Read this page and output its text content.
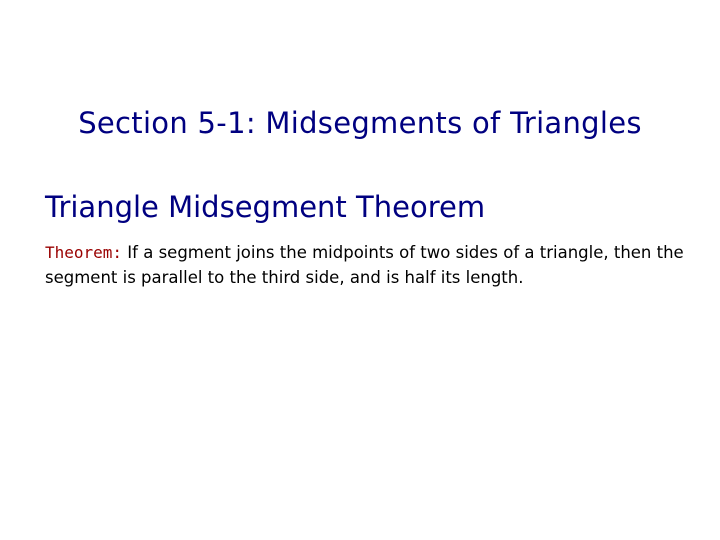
Section 5-1: Midsegments of Triangles
Triangle Midsegment Theorem
Theorem: If a segment joins the midpoints of two sides of a triangle, then the segment is parallel to the third side, and is half its length.
